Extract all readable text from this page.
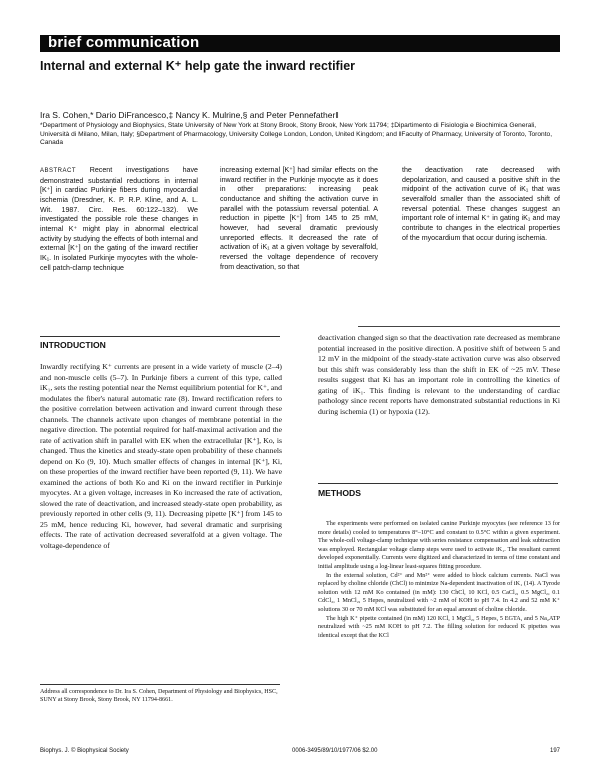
brief communication
Internal and external K⁺ help gate the inward rectifier

Ira S. Cohen,* Dario DiFrancesco,‡ Nancy K. Mulrine,§ and Peter Pennefather‖

*Department of Physiology and Biophysics, State University of New York at Stony Brook, Stony Brook, New York 11794; ‡Dipartimento di Fisiologia e Biochimica Generali, Università di Milano, Milan, Italy; §Department of Pharmacology, University College London, London, United Kingdom; and ‖Faculty of Pharmacy, University of Toronto, Toronto, Canada

ABSTRACT Recent investigations have demonstrated substantial reductions in internal [K⁺] in cardiac Purkinje fibers during myocardial ischemia (Dresdner, K. P. R.P. Kline, and A. L. Wit. 1987. Circ. Res. 60:122–132). We investigated the possible role these changes in internal K⁺ might play in abnormal electrical activity by studying the effects of both internal and external [K⁺] on the gating of the inward rectifier IK₁. In isolated Purkinje myocytes with the whole-cell patch-clamp technique
increasing external [K⁺] had similar effects on the inward rectifier in the Purkinje myocyte as it does in other preparations: increasing peak conductance and shifting the activation curve in parallel with the potassium reversal potential. A reduction in pipette [K⁺] from 145 to 25 mM, however, had several dramatic previously unreported effects. It decreased the rate of activation of iK₁ at a given voltage by severalfold, reversed the voltage dependence of recovery from deactivation, so that
the deactivation rate decreased with depolarization, and caused a positive shift in the midpoint of the activation curve of iK₁ that was severalfold smaller than the associated shift of reversal potential. These changes suggest an important role of internal K⁺ in gating iK₁ and may contribute to changes in the electrical properties of the myocardium that occur during ischemia.
INTRODUCTION

Inwardly rectifying K⁺ currents are present in a wide variety of muscle (2–4) and non-muscle cells (5–7). In Purkinje fibers a current of this type, called iK₁, sets the resting potential near the Nernst equilibrium potential for K⁺, and modulates the fiber's natural automatic rate (8). Inward rectification refers to the positive correlation between activation and inward current through these channels. The channels activate upon changes of membrane potential in the negative direction. The potential required for half-maximal activation and the rate of activation shift in parallel with EK when the extracellular [K⁺], Ko, is changed. Thus the kinetics and steady-state open probability of these channels depend on Ko (9, 10). Much smaller effects of changes in internal [K⁺], Ki, on these properties of the inward rectifier have been reported (9, 11). We have examined the actions of both Ko and Ki on the inward rectifier in Purkinje myocytes. At a given voltage, increases in Ko increased the rate of activation, slowed the rate of deactivation, and increased steady-state open probability, as previously reported in other cells (9, 11). Decreasing pipette [K⁺] from 145 to 25 mM, hence reducing Ki, however, had several dramatic and surprising effects. The rate of activation decreased severalfold at a given voltage. The voltage-dependence of

deactivation changed sign so that the deactivation rate decreased as membrane potential increased in the positive direction. A positive shift of between 5 and 12 mV in the midpoint of the steady-state activation curve was also observed but this shift was considerably less than the shift in EK of ~25 mV. These results suggest that Ki has an important role in controlling the kinetics of gating of iK₁. This finding is relevant to the understanding of cardiac pathology since recent reports have demonstrated substantial reductions in Ki during ischemia (1) or hypoxia (12).

METHODS

The experiments were performed on isolated canine Purkinje myocytes (see reference 13 for more details) cooled to temperatures 8°–10°C and constant to 0.5°C within a given experiment. The whole-cell voltage-clamp technique with series resistance compensation and leak subtraction was employed. Rectangular voltage clamp steps were used to activate iK₁. The resultant current developed exponentially. Currents were digitized and characterized in terms of time constant and initial amplitude using a log-linear least-squares fitting procedure.

In the external solution, Cd²⁺ and Mn²⁺ were added to block calcium currents. NaCl was replaced by choline chloride (ChCl) to minimize Na-dependent inactivation of iK₁ (14). A Tyrode solution with 12 mM Ko contained (in mM): 130 ChCl, 10 KCl, 0.5 CaCl₂, 0.5 MgCl₂, 0.1 CdCl₂, 1 MnCl₂, 5 Hepes, neutralized with ~2 mM of KOH to pH 7.4. In 4.2 and 52 mM K⁺ solutions 30 or 70 mM KCl was substituted for an equal amount of choline chloride.

The high K⁺ pipette contained (in mM) 120 KCl, 1 MgCl₂, 5 Hepes, 5 EGTA, and 5 Na₂ATP neutralized with ~25 mM KOH to pH 7.2. The filling solution for reduced K pipettes was identical except that the KCl

Address all correspondence to Dr. Ira S. Cohen, Department of Physiology and Biophysics, HSC, SUNY at Stony Brook, Stony Brook, NY 11794-8661.
Biophys. J. © Biophysical Society	0006-3495/89/10/1977/06 $2.00	197
